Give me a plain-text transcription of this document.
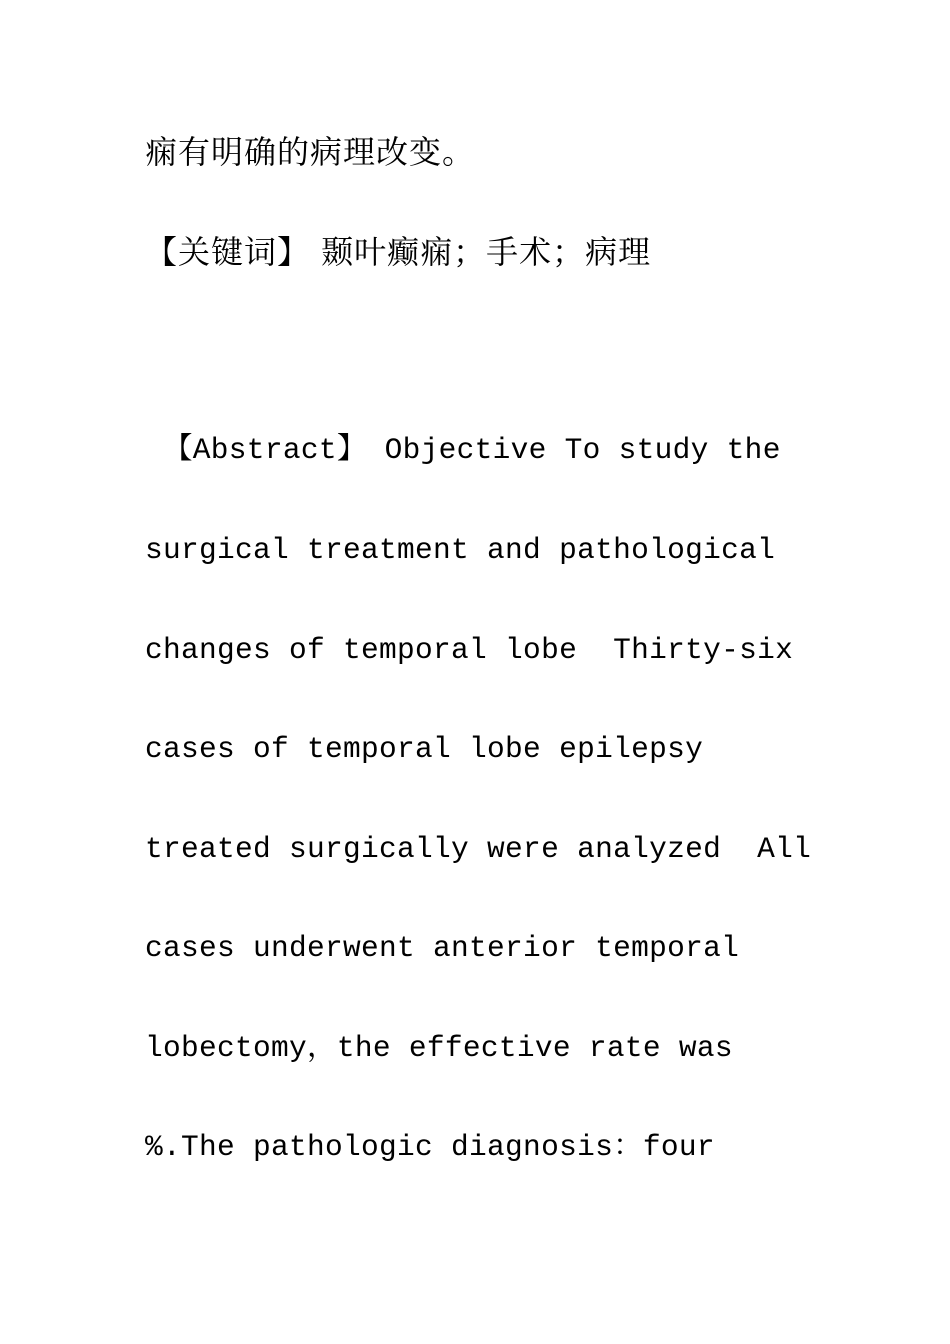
痫有明确的病理改变。
【关键词】 颞叶癫痫；手术；病理
【Abstract】 Objective To study the
surgical treatment and pathological
changes of temporal lobe  Thirty-six
cases of temporal lobe epilepsy
treated surgically were analyzed  All
cases underwent anterior temporal
lobectomy，the effective rate was
%.The pathologic diagnosis：four
